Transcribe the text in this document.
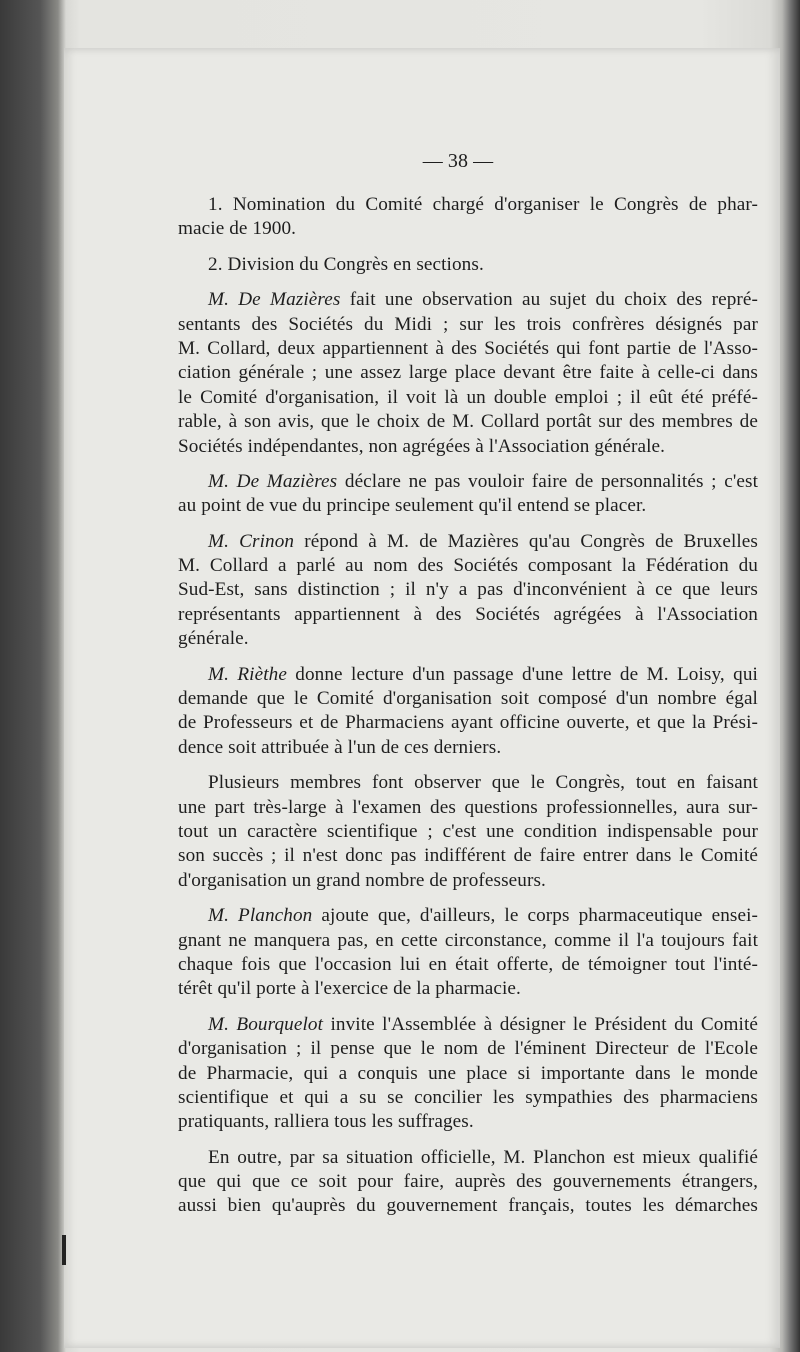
— 38 —
1. Nomination du Comité chargé d'organiser le Congrès de phar-
macie de 1900.
2. Division du Congrès en sections.
M. De Mazières fait une observation au sujet du choix des repré-
sentants des Sociétés du Midi ; sur les trois confrères désignés par
M. Collard, deux appartiennent à des Sociétés qui font partie de l'Asso-
ciation générale ; une assez large place devant être faite à celle-ci dans
le Comité d'organisation, il voit là un double emploi ; il eût été préfé-
rable, à son avis, que le choix de M. Collard portât sur des membres de
Sociétés indépendantes, non agrégées à l'Association générale.
M. De Mazières déclare ne pas vouloir faire de personnalités ; c'est
au point de vue du principe seulement qu'il entend se placer.
M. Crinon répond à M. de Mazières qu'au Congrès de Bruxelles
M. Collard a parlé au nom des Sociétés composant la Fédération du
Sud-Est, sans distinction ; il n'y a pas d'inconvénient à ce que leurs
représentants appartiennent à des Sociétés agrégées à l'Association
générale.
M. Rièthe donne lecture d'un passage d'une lettre de M. Loisy, qui
demande que le Comité d'organisation soit composé d'un nombre égal
de Professeurs et de Pharmaciens ayant officine ouverte, et que la Prési-
dence soit attribuée à l'un de ces derniers.
Plusieurs membres font observer que le Congrès, tout en faisant
une part très-large à l'examen des questions professionnelles, aura sur-
tout un caractère scientifique ; c'est une condition indispensable pour
son succès ; il n'est donc pas indifférent de faire entrer dans le Comité
d'organisation un grand nombre de professeurs.
M. Planchon ajoute que, d'ailleurs, le corps pharmaceutique ensei-
gnant ne manquera pas, en cette circonstance, comme il l'a toujours fait
chaque fois que l'occasion lui en était offerte, de témoigner tout l'inté-
térêt qu'il porte à l'exercice de la pharmacie.
M. Bourquelot invite l'Assemblée à désigner le Président du Comité
d'organisation ; il pense que le nom de l'éminent Directeur de l'Ecole
de Pharmacie, qui a conquis une place si importante dans le monde
scientifique et qui a su se concilier les sympathies des pharmaciens
pratiquants, ralliera tous les suffrages.
En outre, par sa situation officielle, M. Planchon est mieux qualifié
que qui que ce soit pour faire, auprès des gouvernements étrangers,
aussi bien qu'auprès du gouvernement français, toutes les démarches
